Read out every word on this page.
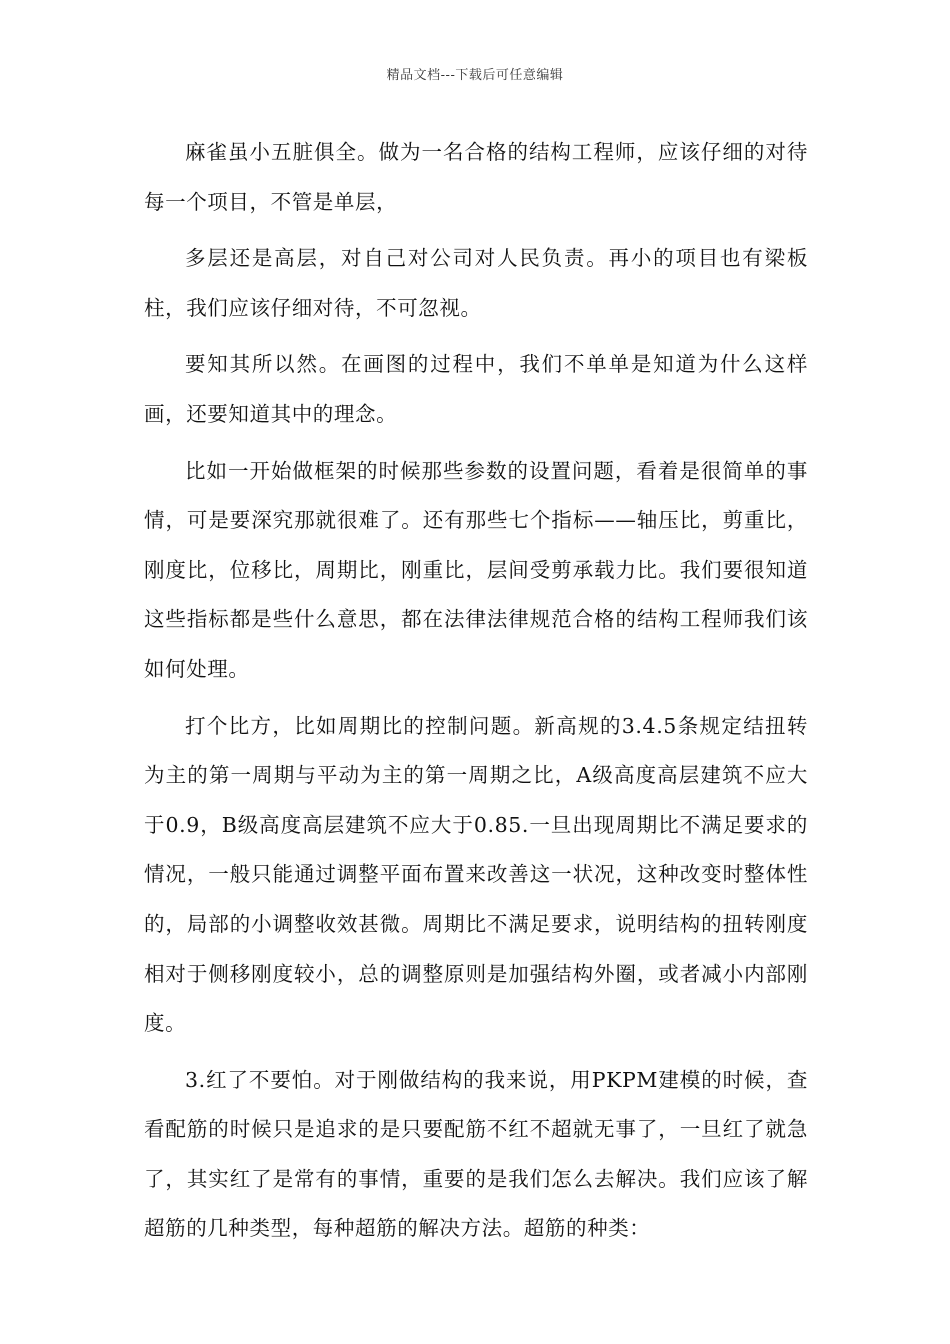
精品文档---下载后可任意编辑

麻雀虽小五脏俱全。做为一名合格的结构工程师，应该仔细的对待每一个项目，不管是单层，

多层还是高层，对自己对公司对人民负责。再小的项目也有梁板柱，我们应该仔细对待，不可忽视。

要知其所以然。在画图的过程中，我们不单单是知道为什么这样画，还要知道其中的理念。

比如一开始做框架的时候那些参数的设置问题，看着是很简单的事情，可是要深究那就很难了。还有那些七个指标——轴压比，剪重比，刚度比，位移比，周期比，刚重比，层间受剪承载力比。我们要很知道这些指标都是些什么意思，都在法律法律规范合格的结构工程师我们该如何处理。

打个比方，比如周期比的控制问题。新高规的3.4.5条规定结扭转为主的第一周期与平动为主的第一周期之比，A级高度高层建筑不应大于0.9，B级高度高层建筑不应大于0.85.一旦出现周期比不满足要求的情况，一般只能通过调整平面布置来改善这一状况，这种改变时整体性的，局部的小调整收效甚微。周期比不满足要求，说明结构的扭转刚度相对于侧移刚度较小，总的调整原则是加强结构外圈，或者减小内部刚度。

3.红了不要怕。对于刚做结构的我来说，用PKPM建模的时候，查看配筋的时候只是追求的是只要配筋不红不超就无事了，一旦红了就急了，其实红了是常有的事情，重要的是我们怎么去解决。我们应该了解超筋的几种类型，每种超筋的解决方法。超筋的种类：
